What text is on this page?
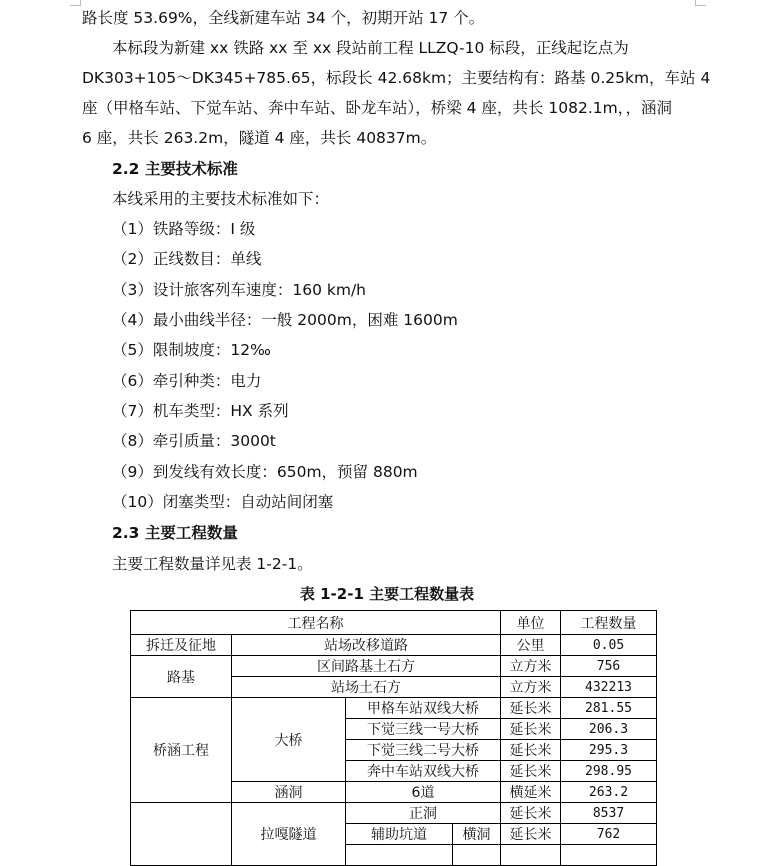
路长度 53.69%，全线新建车站 34 个，初期开站 17 个。
本标段为新建 xx 铁路 xx 至 xx 段站前工程 LLZQ-10 标段，正线起讫点为
DK303+105～DK345+785.65，标段长 42.68km；主要结构有：路基 0.25km，车站 4
座（甲格车站、下觉车站、奔中车站、卧龙车站），桥梁 4 座，共长 1082.1m，，涵洞
6 座，共长 263.2m，隧道 4 座，共长 40837m。
2.2 主要技术标准
本线采用的主要技术标准如下：
（1）铁路等级：I 级
（2）正线数目：单线
（3）设计旅客列车速度：160 km/h
（4）最小曲线半径：一般 2000m，困难 1600m
（5）限制坡度：12‰
（6）牵引种类：电力
（7）机车类型：HX 系列
（8）牵引质量：3000t
（9）到发线有效长度：650m，预留 880m
（10）闭塞类型：自动站间闭塞
2.3 主要工程数量
主要工程数量详见表 1-2-1。
表 1-2-1 主要工程数量表
工程名称				单位	工程数量
拆迁及征地	站场改移道路			公里	0.05
路基	区间路基土石方			立方米	756
	站场土石方			立方米	432213
桥涵工程	大桥	甲格车站双线大桥		延长米	281.55
		下觉三线一号大桥		延长米	206.3
		下觉三线二号大桥		延长米	295.3
		奔中车站双线大桥		延长米	298.95
	涵洞	6道		横延米	263.2
	拉嘎隧道	正洞		延长米	8537
		辅助坑道	横洞	延长米	762
